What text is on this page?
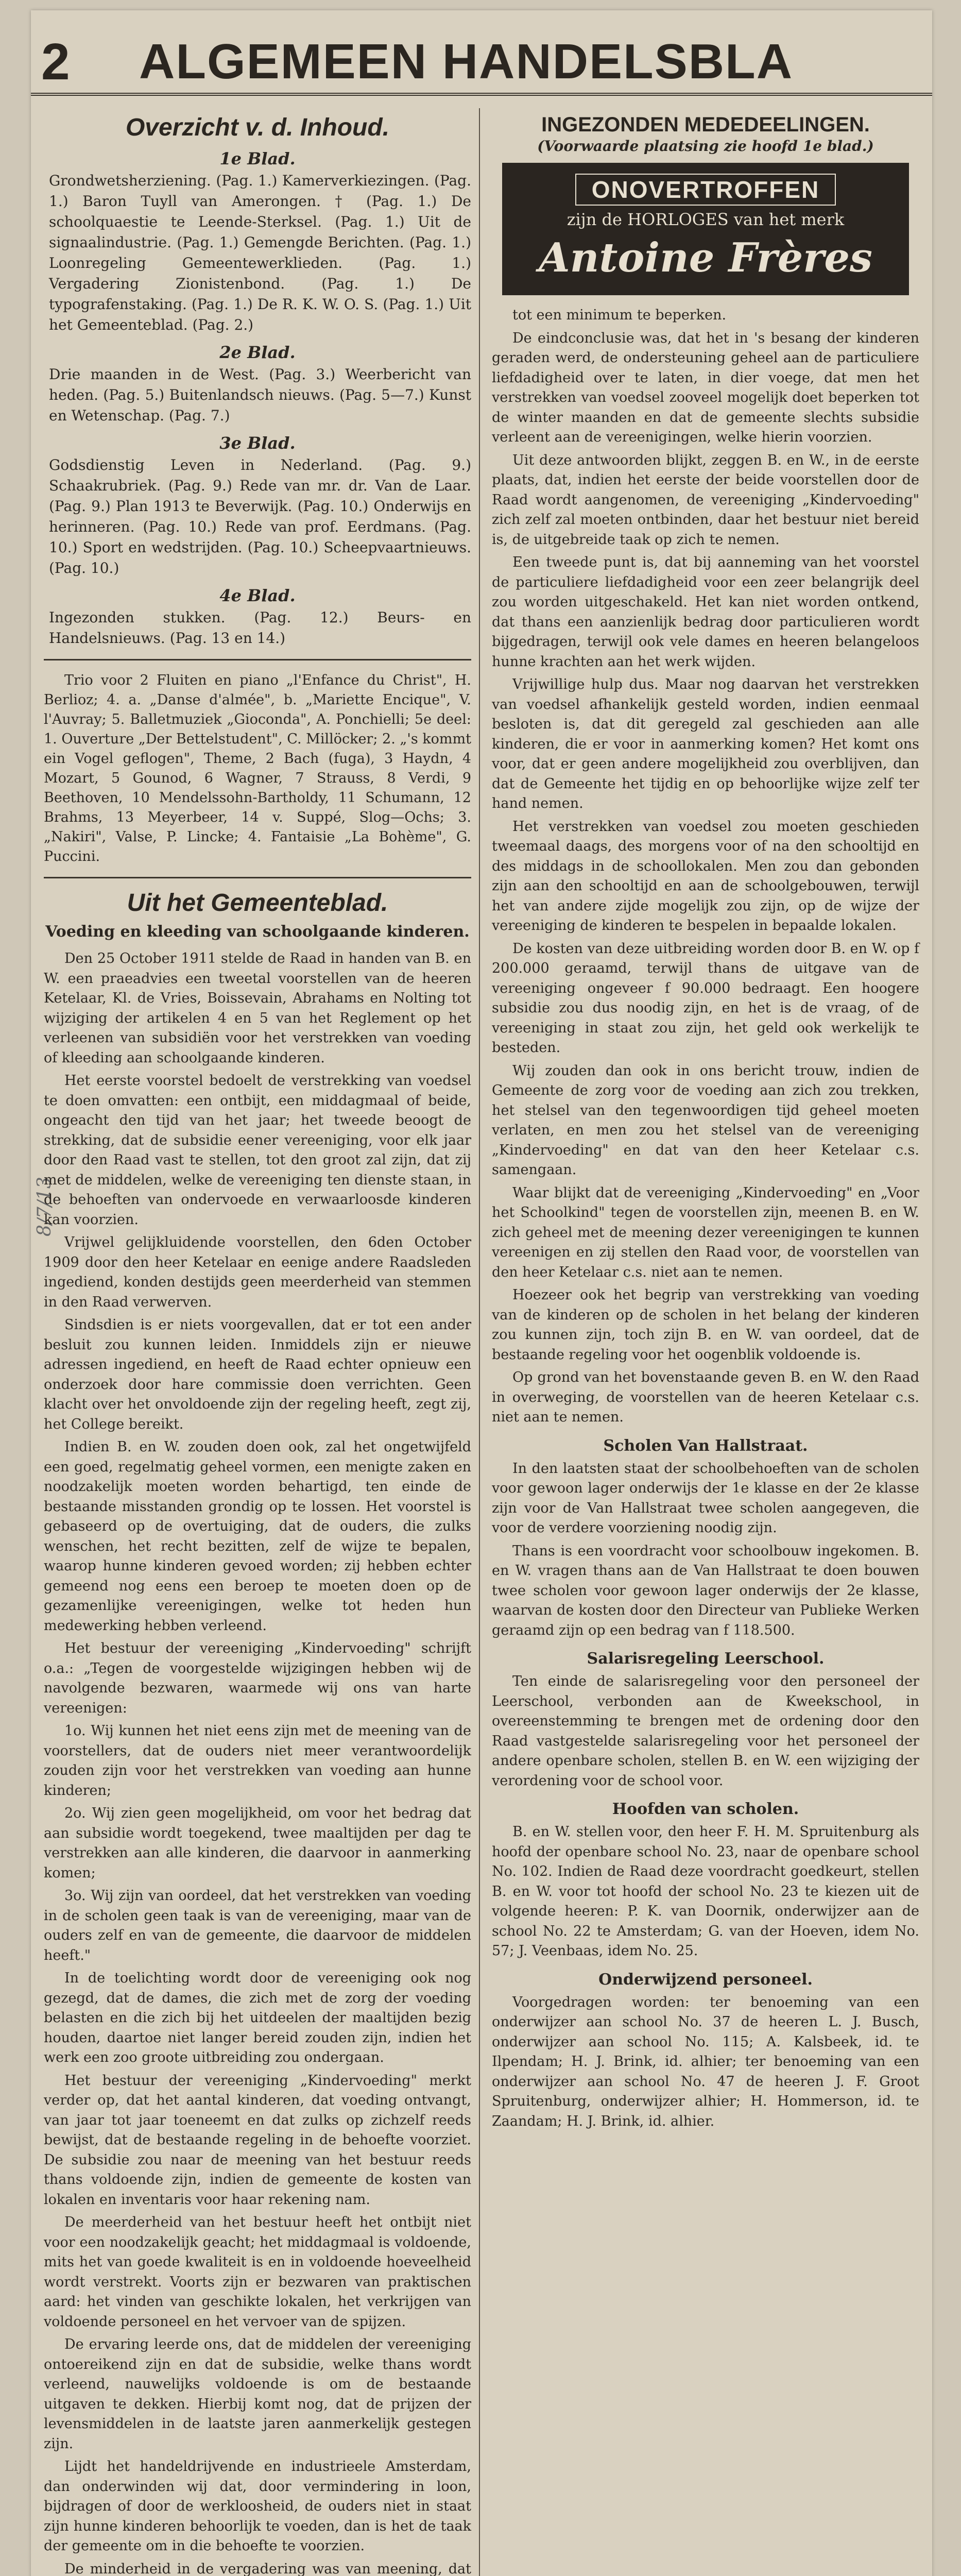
2 ALGEMEEN HANDELSBLA
8/7/13
Overzicht v. d. Inhoud.
1e Blad.
Grondwetsherziening. (Pag. 1.) Kamerverkiezingen. (Pag. 1.) Baron Tuyll van Amerongen. † (Pag. 1.) De schoolquaestie te Leende-Sterksel. (Pag. 1.) Uit de signaalindustrie. (Pag. 1.) Gemengde Berichten. (Pag. 1.) Loonregeling Gemeentewerklieden. (Pag. 1.) Vergadering Zionistenbond. (Pag. 1.) De typografenstaking. (Pag. 1.) De R. K. W. O. S. (Pag. 1.) Uit het Gemeenteblad. (Pag. 2.)
2e Blad.
Drie maanden in de West. (Pag. 3.) Weerbericht van heden. (Pag. 5.) Buitenlandsch nieuws. (Pag. 5—7.) Kunst en Wetenschap. (Pag. 7.)
3e Blad.
Godsdienstig Leven in Nederland. (Pag. 9.) Schaakrubriek. (Pag. 9.) Rede van mr. dr. Van de Laar. (Pag. 9.) Plan 1913 te Beverwijk. (Pag. 10.) Onderwijs en herinneren. (Pag. 10.) Rede van prof. Eerdmans. (Pag. 10.) Sport en wedstrijden. (Pag. 10.) Scheepvaartnieuws. (Pag. 10.)
4e Blad.
Ingezonden stukken. (Pag. 12.) Beurs- en Handelsnieuws. (Pag. 13 en 14.)

Trio voor 2 Fluiten en piano „l'Enfance du Christ", H. Berlioz; 4. a. „Danse d'almée", b. „Mariette Encique", V. l'Auvray; 5. Balletmuziek „Gioconda", A. Ponchielli; 5e deel: 1. Ouverture „Der Bettelstudent", C. Millöcker; 2. „'s kommt ein Vogel geflogen", Theme, 2 Bach (fuga), 3 Haydn, 4 Mozart, 5 Gounod, 6 Wagner, 7 Strauss, 8 Verdi, 9 Beethoven, 10 Mendelssohn-Bartholdy, 11 Schumann, 12 Brahms, 13 Meyerbeer, 14 v. Suppé, Slog—Ochs; 3. „Nakiri", Valse, P. Lincke; 4. Fantaisie „La Bohème", G. Puccini.

Uit het Gemeenteblad.
Voeding en kleeding van schoolgaande kinderen.

Den 25 October 1911 stelde de Raad in handen van B. en W. een praeadvies een tweetal voorstellen van de heeren Ketelaar, Kl. de Vries, Boissevain, Abrahams en Nolting tot wijziging der artikelen 4 en 5 van het Reglement op het verleenen van subsidiën voor het verstrekken van voeding of kleeding aan schoolgaande kinderen.

Het eerste voorstel bedoelt de verstrekking van voedsel te doen omvatten: een ontbijt, een middagmaal of beide, ongeacht den tijd van het jaar; het tweede beoogt de strekking, dat de subsidie eener vereeniging, voor elk jaar door den Raad vast te stellen, tot den groot zal zijn, dat zij met de middelen, welke de vereeniging ten dienste staan, in de behoeften van ondervoede en verwaarloosde kinderen kan voorzien.

Vrijwel gelijkluidende voorstellen, den 6den October 1909 door den heer Ketelaar en eenige andere Raadsleden ingediend, konden destijds geen meerderheid van stemmen in den Raad verwerven.

Sindsdien is er niets voorgevallen, dat er tot een ander besluit zou kunnen leiden. Inmiddels zijn er nieuwe adressen ingediend, en heeft de Raad echter opnieuw een onderzoek door hare commissie doen verrichten. Geen klacht over het onvoldoende zijn der regeling heeft, zegt zij, het College bereikt.

Indien B. en W. zouden doen ook, zal het ongetwijfeld een goed, regelmatig geheel vormen, een menigte zaken en noodzakelijk moeten worden behartigd, ten einde de bestaande misstanden grondig op te lossen. Het voorstel is gebaseerd op de overtuiging, dat de ouders, die zulks wenschen, het recht bezitten, zelf de wijze te bepalen, waarop hunne kinderen gevoed worden; zij hebben echter gemeend nog eens een beroep te moeten doen op de gezamenlijke vereenigingen, welke tot heden hun medewerking hebben verleend.

Het bestuur der vereeniging „Kindervoeding" schrijft o.a.: „Tegen de voorgestelde wijzigingen hebben wij de navolgende bezwaren, waarmede wij ons van harte vereenigen:

1o. Wij kunnen het niet eens zijn met de meening van de voorstellers, dat de ouders niet meer verantwoordelijk zouden zijn voor het verstrekken van voeding aan hunne kinderen;

2o. Wij zien geen mogelijkheid, om voor het bedrag dat aan subsidie wordt toegekend, twee maaltijden per dag te verstrekken aan alle kinderen, die daarvoor in aanmerking komen;

3o. Wij zijn van oordeel, dat het verstrekken van voeding in de scholen geen taak is van de vereeniging, maar van de ouders zelf en van de gemeente, die daarvoor de middelen heeft."

In de toelichting wordt door de vereeniging ook nog gezegd, dat de dames, die zich met de zorg der voeding belasten en die zich bij het uitdeelen der maaltijden bezig houden, daartoe niet langer bereid zouden zijn, indien het werk een zoo groote uitbreiding zou ondergaan.

Het bestuur der vereeniging „Kindervoeding" merkt verder op, dat het aantal kinderen, dat voeding ontvangt, van jaar tot jaar toeneemt en dat zulks op zichzelf reeds bewijst, dat de bestaande regeling in de behoefte voorziet. De subsidie zou naar de meening van het bestuur reeds thans voldoende zijn, indien de gemeente de kosten van lokalen en inventaris voor haar rekening nam.

De meerderheid van het bestuur heeft het ontbijt niet voor een noodzakelijk geacht; het middagmaal is voldoende, mits het van goede kwaliteit is en in voldoende hoeveelheid wordt verstrekt. Voorts zijn er bezwaren van praktischen aard: het vinden van geschikte lokalen, het verkrijgen van voldoende personeel en het vervoer van de spijzen.

De ervaring leerde ons, dat de middelen der vereeniging ontoereikend zijn en dat de subsidie, welke thans wordt verleend, nauwelijks voldoende is om de bestaande uitgaven te dekken. Hierbij komt nog, dat de prijzen der levensmiddelen in de laatste jaren aanmerkelijk gestegen zijn.

Lijdt het handeldrijvende en industrieele Amsterdam, dan onderwinden wij dat, door vermindering in loon, bijdragen of door de werkloosheid, de ouders niet in staat zijn hunne kinderen behoorlijk te voeden, dan is het de taak der gemeente om in die behoefte te voorzien.

De minderheid in de vergadering was van meening, dat

INGEZONDEN MEDEDEELINGEN.
(Voorwaarde plaatsing zie hoofd 1e blad.)
ONOVERTROFFEN
zijn de HORLOGES van het merk
Antoine Frères

tot een minimum te beperken.

De eindconclusie was, dat het in 's besang der kinderen geraden werd, de ondersteuning geheel aan de particuliere liefdadigheid over te laten, in dier voege, dat men het verstrekken van voedsel zooveel mogelijk doet beperken tot de winter maanden en dat de gemeente slechts subsidie verleent aan de vereenigingen, welke hierin voorzien.

Uit deze antwoorden blijkt, zeggen B. en W., in de eerste plaats, dat, indien het eerste der beide voorstellen door de Raad wordt aangenomen, de vereeniging „Kindervoeding" zich zelf zal moeten ontbinden, daar het bestuur niet bereid is, de uitgebreide taak op zich te nemen.

Een tweede punt is, dat bij aanneming van het voorstel de particuliere liefdadigheid voor een zeer belangrijk deel zou worden uitgeschakeld. Het kan niet worden ontkend, dat thans een aanzienlijk bedrag door particulieren wordt bijgedragen, terwijl ook vele dames en heeren belangeloos hunne krachten aan het werk wijden.

Vrijwillige hulp dus. Maar nog daarvan het verstrekken van voedsel afhankelijk gesteld worden, indien eenmaal besloten is, dat dit geregeld zal geschieden aan alle kinderen, die er voor in aanmerking komen? Het komt ons voor, dat er geen andere mogelijkheid zou overblijven, dan dat de Gemeente het tijdig en op behoorlijke wijze zelf ter hand nemen.

Het verstrekken van voedsel zou moeten geschieden tweemaal daags, des morgens voor of na den schooltijd en des middags in de schoollokalen. Men zou dan gebonden zijn aan den schooltijd en aan de schoolgebouwen, terwijl het van andere zijde mogelijk zou zijn, op de wijze der vereeniging de kinderen te bespelen in bepaalde lokalen.

De kosten van deze uitbreiding worden door B. en W. op f 200.000 geraamd, terwijl thans de uitgave van de vereeniging ongeveer f 90.000 bedraagt. Een hoogere subsidie zou dus noodig zijn, en het is de vraag, of de vereeniging in staat zou zijn, het geld ook werkelijk te besteden.

Wij zouden dan ook in ons bericht trouw, indien de Gemeente de zorg voor de voeding aan zich zou trekken, het stelsel van den tegenwoordigen tijd geheel moeten verlaten, en men zou het stelsel van de vereeniging „Kindervoeding" en dat van den heer Ketelaar c.s. samengaan.

Waar blijkt dat de vereeniging „Kindervoeding" en „Voor het Schoolkind" tegen de voorstellen zijn, meenen B. en W. zich geheel met de meening dezer vereenigingen te kunnen vereenigen en zij stellen den Raad voor, de voorstellen van den heer Ketelaar c.s. niet aan te nemen.

Hoezeer ook het begrip van verstrekking van voeding van de kinderen op de scholen in het belang der kinderen zou kunnen zijn, toch zijn B. en W. van oordeel, dat de bestaande regeling voor het oogenblik voldoende is.

Op grond van het bovenstaande geven B. en W. den Raad in overweging, de voorstellen van de heeren Ketelaar c.s. niet aan te nemen.

Scholen Van Hallstraat.

In den laatsten staat der schoolbehoeften van de scholen voor gewoon lager onderwijs der 1e klasse en der 2e klasse zijn voor de Van Hallstraat twee scholen aangegeven, die voor de verdere voorziening noodig zijn.

Thans is een voordracht voor schoolbouw ingekomen. B. en W. vragen thans aan de Van Hallstraat te doen bouwen twee scholen voor gewoon lager onderwijs der 2e klasse, waarvan de kosten door den Directeur van Publieke Werken geraamd zijn op een bedrag van f 118.500.

Salarisregeling Leerschool.

Ten einde de salarisregeling voor den personeel der Leerschool, verbonden aan de Kweekschool, in overeenstemming te brengen met de ordening door den Raad vastgestelde salarisregeling voor het personeel der andere openbare scholen, stellen B. en W. een wijziging der verordening voor de school voor.

Hoofden van scholen.

B. en W. stellen voor, den heer F. H. M. Spruitenburg als hoofd der openbare school No. 23, naar de openbare school No. 102. Indien de Raad deze voordracht goedkeurt, stellen B. en W. voor tot hoofd der school No. 23 te kiezen uit de volgende heeren: P. K. van Doornik, onderwijzer aan de school No. 22 te Amsterdam; G. van der Hoeven, idem No. 57; J. Veenbaas, idem No. 25.

Onderwijzend personeel.

Voorgedragen worden: ter benoeming van een onderwijzer aan school No. 37 de heeren L. J. Busch, onderwijzer aan school No. 115; A. Kalsbeek, id. te Ilpendam; H. J. Brink, id. alhier; ter benoeming van een onderwijzer aan school No. 47 de heeren J. F. Groot Spruitenburg, onderwijzer alhier; H. Hommerson, id. te Zaandam; H. J. Brink, id. alhier.
